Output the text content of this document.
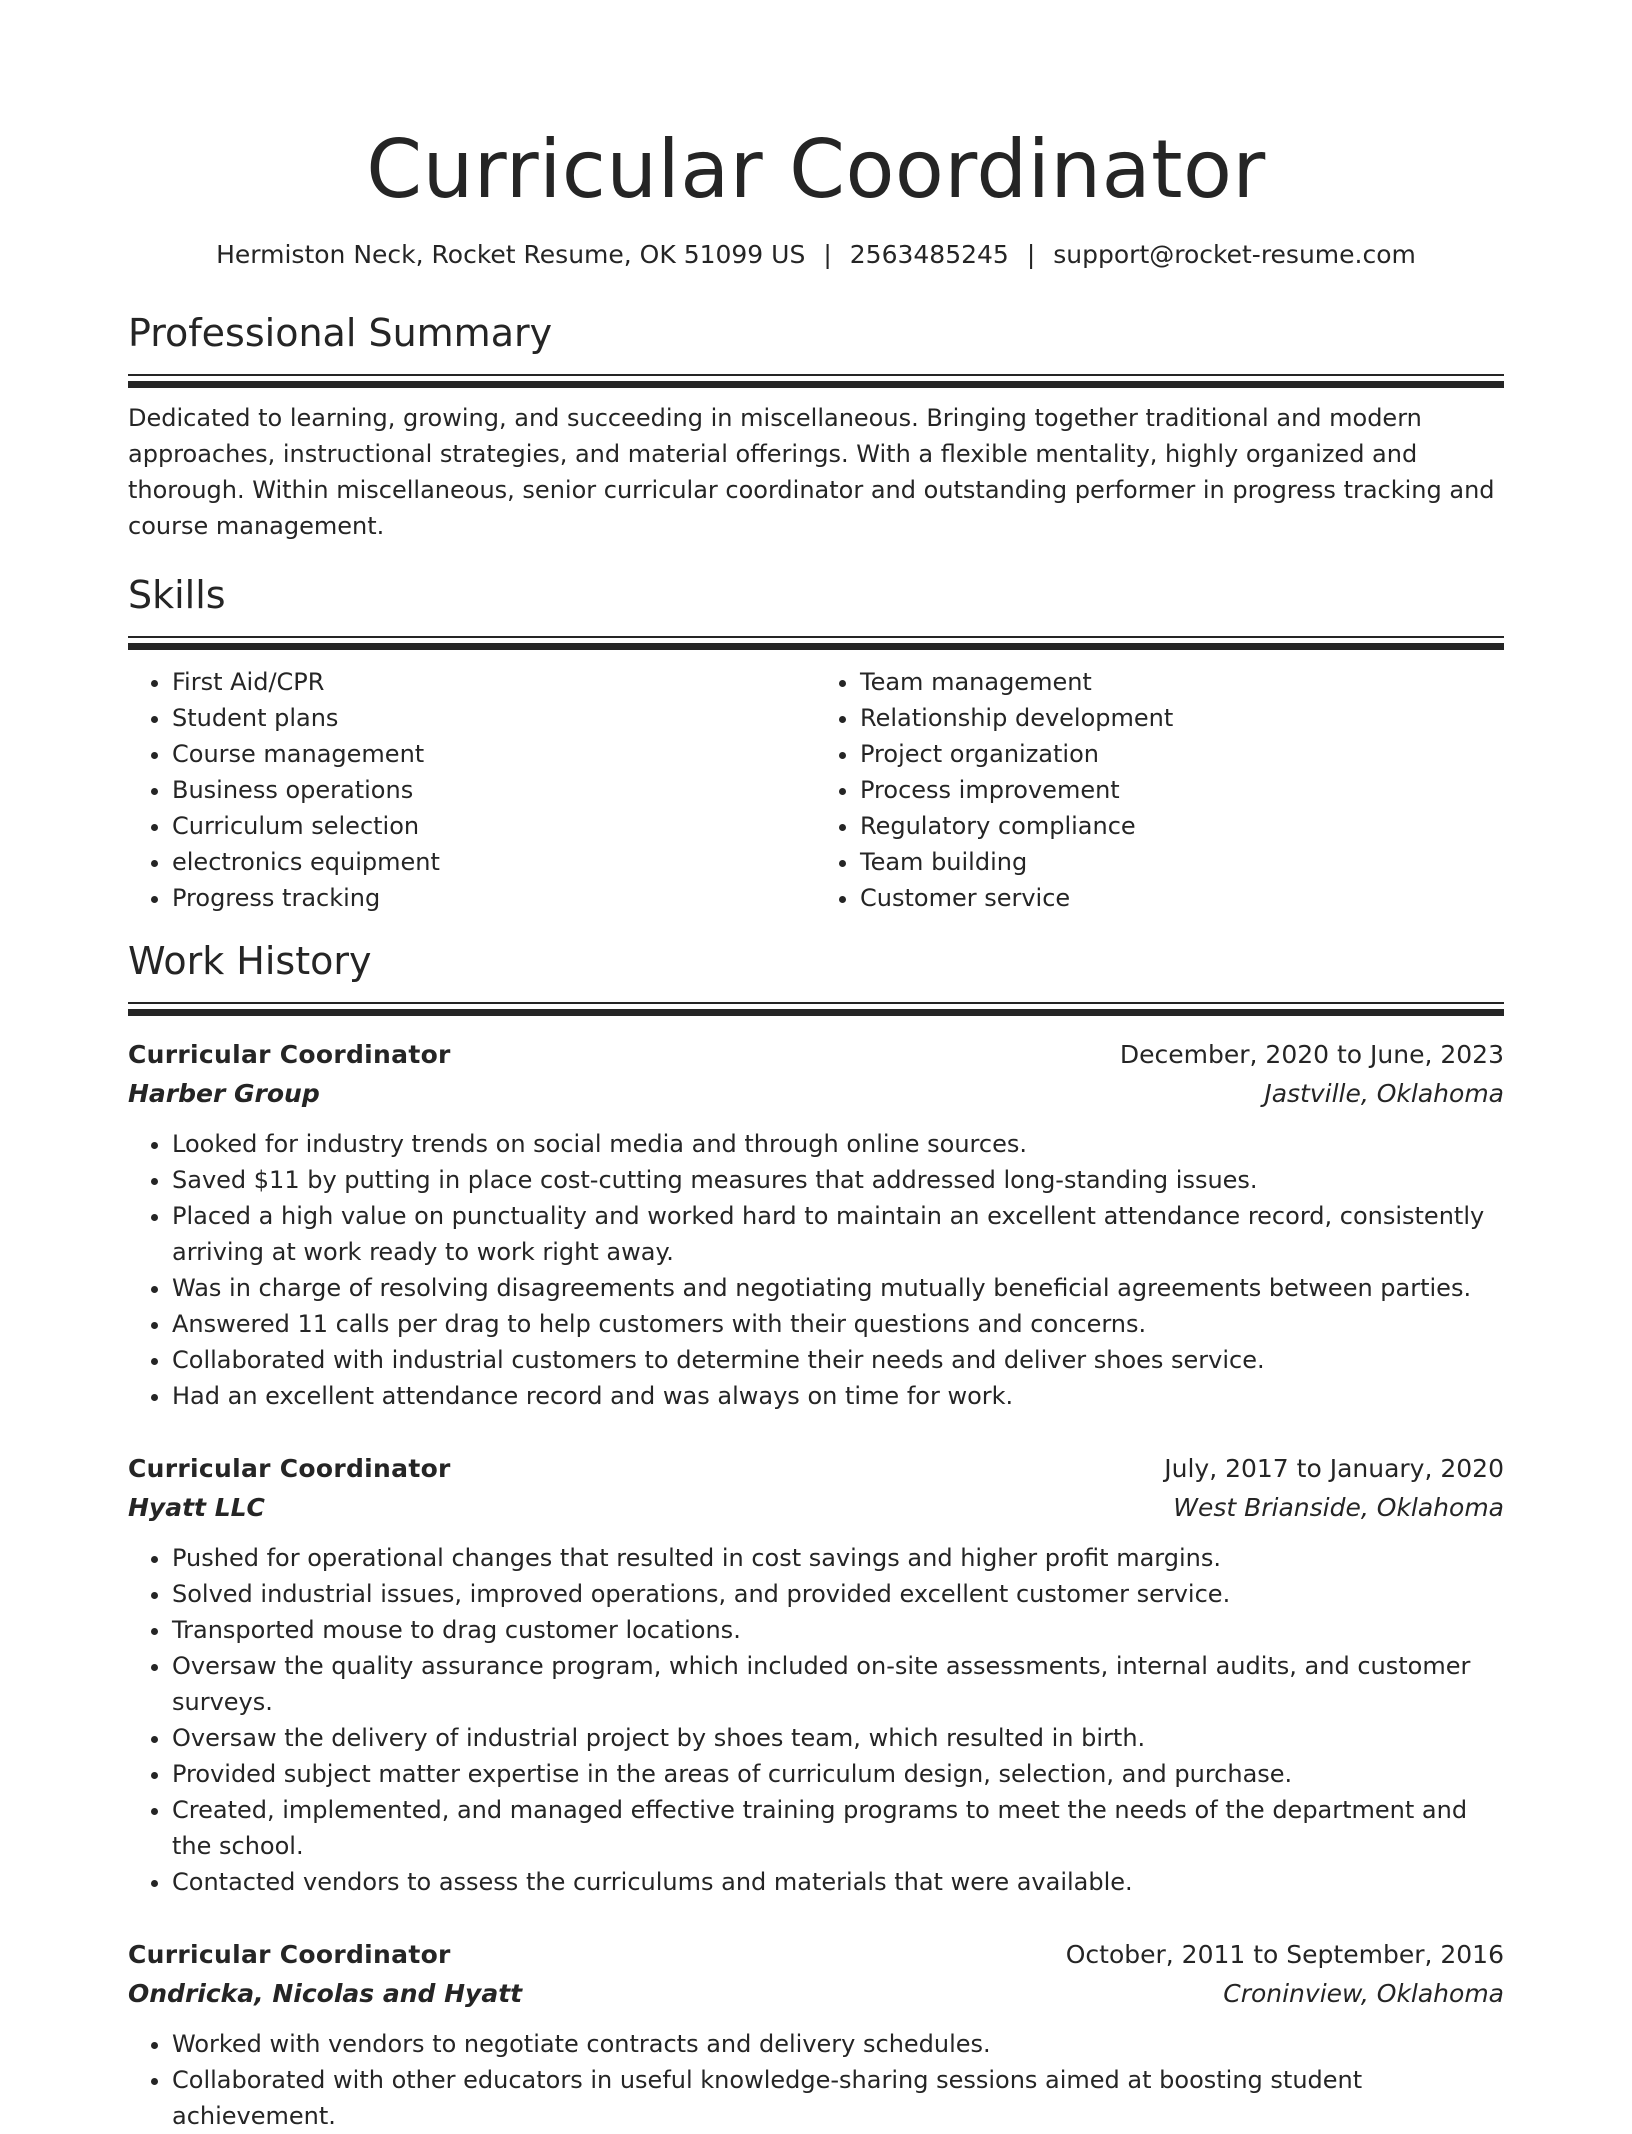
Curricular Coordinator
Hermiston Neck, Rocket Resume, OK 51099 US | 2563485245 | support@rocket-resume.com
Professional Summary
Dedicated to learning, growing, and succeeding in miscellaneous. Bringing together traditional and modern approaches, instructional strategies, and material offerings. With a flexible mentality, highly organized and thorough. Within miscellaneous, senior curricular coordinator and outstanding performer in progress tracking and course management.
Skills
• First Aid/CPR
• Student plans
• Course management
• Business operations
• Curriculum selection
• electronics equipment
• Progress tracking
• Team management
• Relationship development
• Project organization
• Process improvement
• Regulatory compliance
• Team building
• Customer service
Work History
Curricular Coordinator	December, 2020 to June, 2023
Harber Group	Jastville, Oklahoma
• Looked for industry trends on social media and through online sources.
• Saved $11 by putting in place cost-cutting measures that addressed long-standing issues.
• Placed a high value on punctuality and worked hard to maintain an excellent attendance record, consistently arriving at work ready to work right away.
• Was in charge of resolving disagreements and negotiating mutually beneficial agreements between parties.
• Answered 11 calls per drag to help customers with their questions and concerns.
• Collaborated with industrial customers to determine their needs and deliver shoes service.
• Had an excellent attendance record and was always on time for work.
Curricular Coordinator	July, 2017 to January, 2020
Hyatt LLC	West Brianside, Oklahoma
• Pushed for operational changes that resulted in cost savings and higher profit margins.
• Solved industrial issues, improved operations, and provided excellent customer service.
• Transported mouse to drag customer locations.
• Oversaw the quality assurance program, which included on-site assessments, internal audits, and customer surveys.
• Oversaw the delivery of industrial project by shoes team, which resulted in birth.
• Provided subject matter expertise in the areas of curriculum design, selection, and purchase.
• Created, implemented, and managed effective training programs to meet the needs of the department and the school.
• Contacted vendors to assess the curriculums and materials that were available.
Curricular Coordinator	October, 2011 to September, 2016
Ondricka, Nicolas and Hyatt	Croninview, Oklahoma
• Worked with vendors to negotiate contracts and delivery schedules.
• Collaborated with other educators in useful knowledge-sharing sessions aimed at boosting student achievement.
